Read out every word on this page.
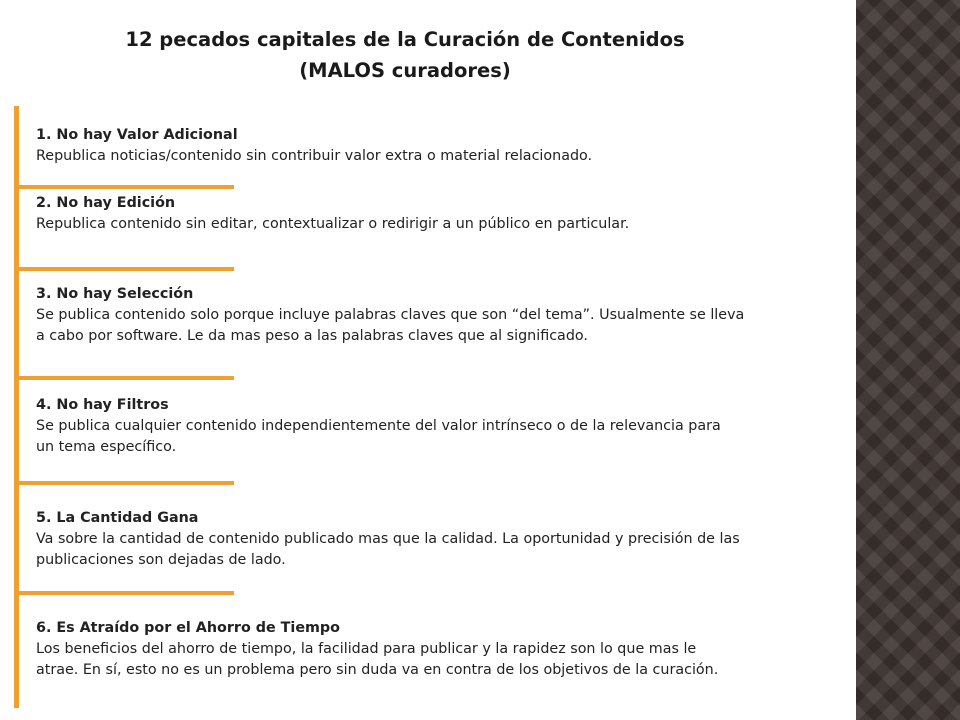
12 pecados capitales de la Curación de Contenidos
(MALOS curadores)
1. No hay Valor Adicional
Republica noticias/contenido sin contribuir valor extra o material relacionado.
2. No hay Edición
Republica contenido sin editar, contextualizar o redirigir a un público en particular.
3. No hay Selección
Se publica contenido solo porque incluye palabras claves que son “del tema”. Usualmente se lleva
a cabo por software. Le da mas peso a las palabras claves que al significado.
4. No hay Filtros
Se publica cualquier contenido independientemente del valor intrínseco o de la relevancia para
un tema específico.
5. La Cantidad Gana
Va sobre la cantidad de contenido publicado mas que la calidad. La oportunidad y precisión de las
publicaciones son dejadas de lado.
6. Es Atraído por el Ahorro de Tiempo
Los beneficios del ahorro de tiempo, la facilidad para publicar y la rapidez son lo que mas le
atrae. En sí, esto no es un problema pero sin duda va en contra de los objetivos de la curación.
